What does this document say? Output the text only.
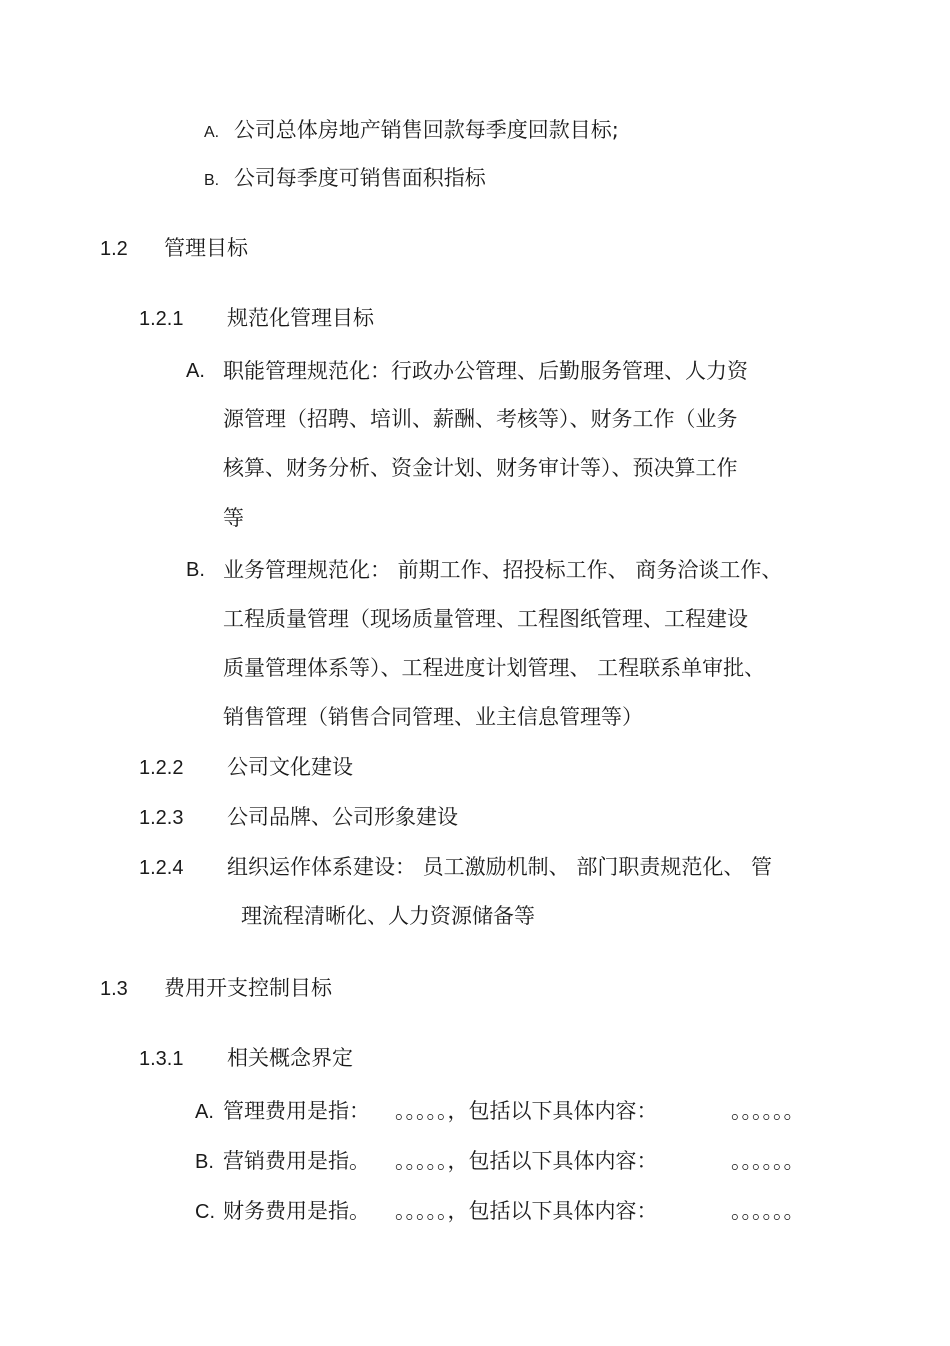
A. 公司总体房地产销售回款每季度回款目标;
B. 公司每季度可销售面积指标
1.2 管理目标
1.2.1 规范化管理目标
A. 职能管理规范化：行政办公管理、后勤服务管理、人力资
源管理（招聘、培训、薪酬、考核等）、财务工作（业务
核算、财务分析、资金计划、财务审计等）、预决算工作
等
B. 业务管理规范化： 前期工作、招投标工作、 商务洽谈工作、
工程质量管理（现场质量管理、工程图纸管理、工程建设
质量管理体系等）、工程进度计划管理、 工程联系单审批、
销售管理（销售合同管理、业主信息管理等）
1.2.2 公司文化建设
1.2.3 公司品牌、公司形象建设
1.2.4 组织运作体系建设： 员工激励机制、 部门职责规范化、 管
理流程清晰化、人力资源储备等
1.3 费用开支控制目标
1.3.1 相关概念界定
A. 管理费用是指： 。。。。。，包括以下具体内容：	。。。。。。
B. 营销费用是指。 。。。。。，包括以下具体内容：	。。。。。。
C. 财务费用是指。 。。。。。，包括以下具体内容：	。。。。。。
